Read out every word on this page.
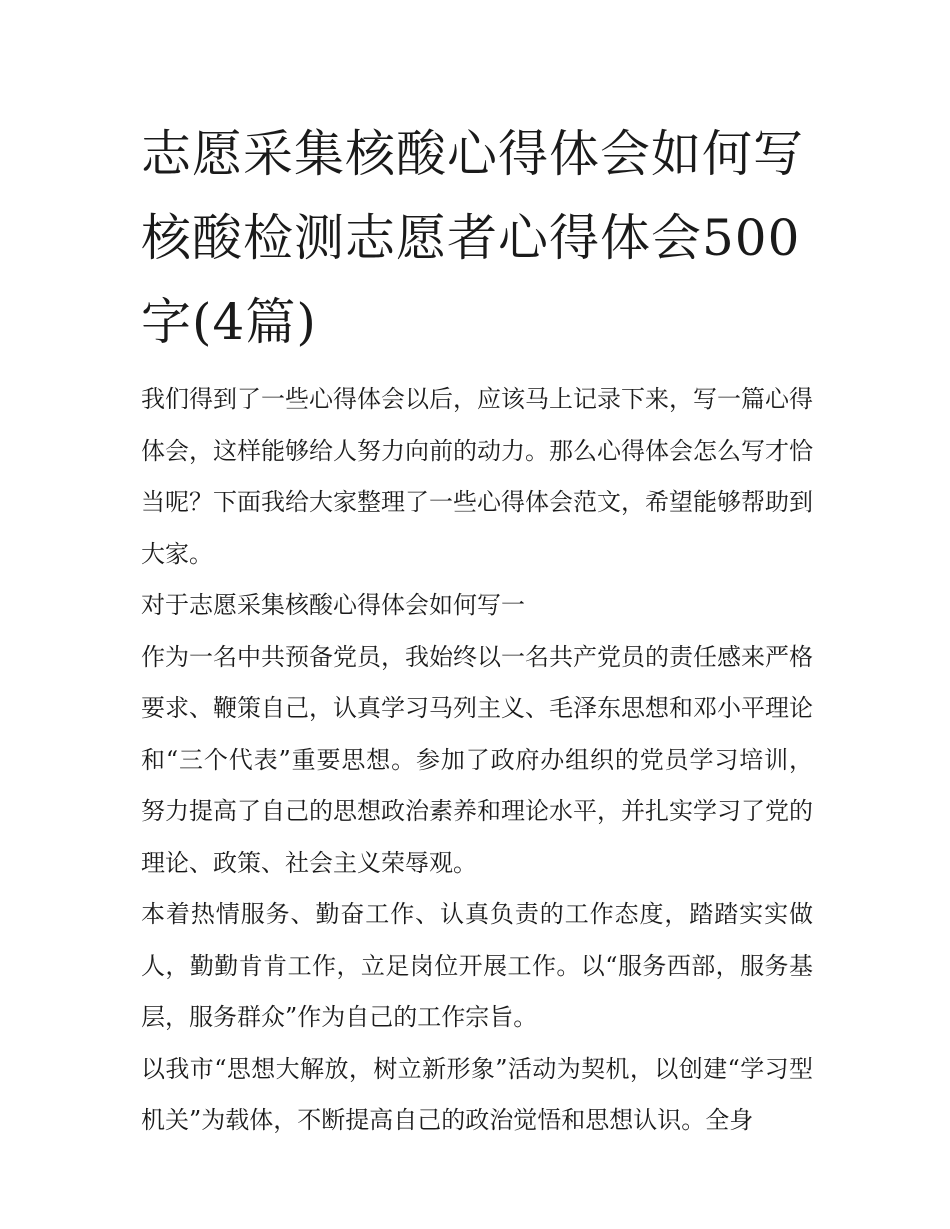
志愿采集核酸心得体会如何写核酸检测志愿者心得体会500字(4篇)

我们得到了一些心得体会以后，应该马上记录下来，写一篇心得体会，这样能够给人努力向前的动力。那么心得体会怎么写才恰当呢？下面我给大家整理了一些心得体会范文，希望能够帮助到大家。

对于志愿采集核酸心得体会如何写一

作为一名中共预备党员，我始终以一名共产党员的责任感来严格要求、鞭策自己，认真学习马列主义、毛泽东思想和邓小平理论和“三个代表”重要思想。参加了政府办组织的党员学习培训，努力提高了自己的思想政治素养和理论水平，并扎实学习了党的理论、政策、社会主义荣辱观。

本着热情服务、勤奋工作、认真负责的工作态度，踏踏实实做人，勤勤肯肯工作，立足岗位开展工作。以“服务西部，服务基层，服务群众”作为自己的工作宗旨。

以我市“思想大解放，树立新形象”活动为契机，以创建“学习型机关”为载体，不断提高自己的政治觉悟和思想认识。全身
